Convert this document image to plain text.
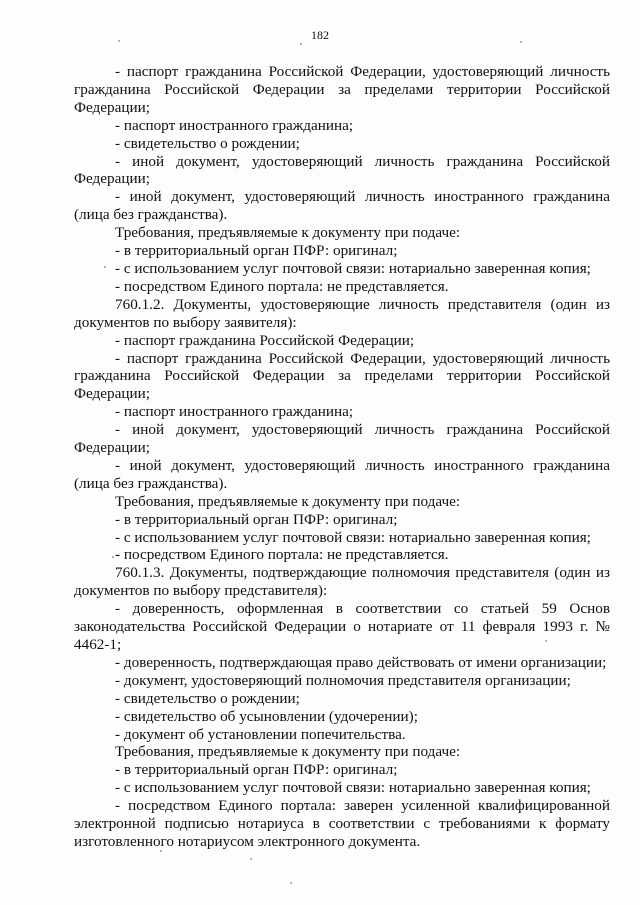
182

- паспорт гражданина Российской Федерации, удостоверяющий личность гражданина Российской Федерации за пределами территории Российской Федерации;

- паспорт иностранного гражданина;

- свидетельство о рождении;

- иной документ, удостоверяющий личность гражданина Российской Федерации;

- иной документ, удостоверяющий личность иностранного гражданина (лица без гражданства).

Требования, предъявляемые к документу при подаче:

- в территориальный орган ПФР: оригинал;

- с использованием услуг почтовой связи: нотариально заверенная копия;

- посредством Единого портала: не представляется.

760.1.2. Документы, удостоверяющие личность представителя (один из документов по выбору заявителя):

- паспорт гражданина Российской Федерации;

- паспорт гражданина Российской Федерации, удостоверяющий личность гражданина Российской Федерации за пределами территории Российской Федерации;

- паспорт иностранного гражданина;

- иной документ, удостоверяющий личность гражданина Российской Федерации;

- иной документ, удостоверяющий личность иностранного гражданина (лица без гражданства).

Требования, предъявляемые к документу при подаче:

- в территориальный орган ПФР: оригинал;

- с использованием услуг почтовой связи: нотариально заверенная копия;

- посредством Единого портала: не представляется.

760.1.3. Документы, подтверждающие полномочия представителя (один из документов по выбору представителя):

- доверенность, оформленная в соответствии со статьей 59 Основ законодательства Российской Федерации о нотариате от 11 февраля 1993 г. № 4462-1;

- доверенность, подтверждающая право действовать от имени организации;

- документ, удостоверяющий полномочия представителя организации;

- свидетельство о рождении;

- свидетельство об усыновлении (удочерении);

- документ об установлении попечительства.

Требования, предъявляемые к документу при подаче:

- в территориальный орган ПФР: оригинал;

- с использованием услуг почтовой связи: нотариально заверенная копия;

- посредством Единого портала: заверен усиленной квалифицированной электронной подписью нотариуса в соответствии с требованиями к формату изготовленного нотариусом электронного документа.
